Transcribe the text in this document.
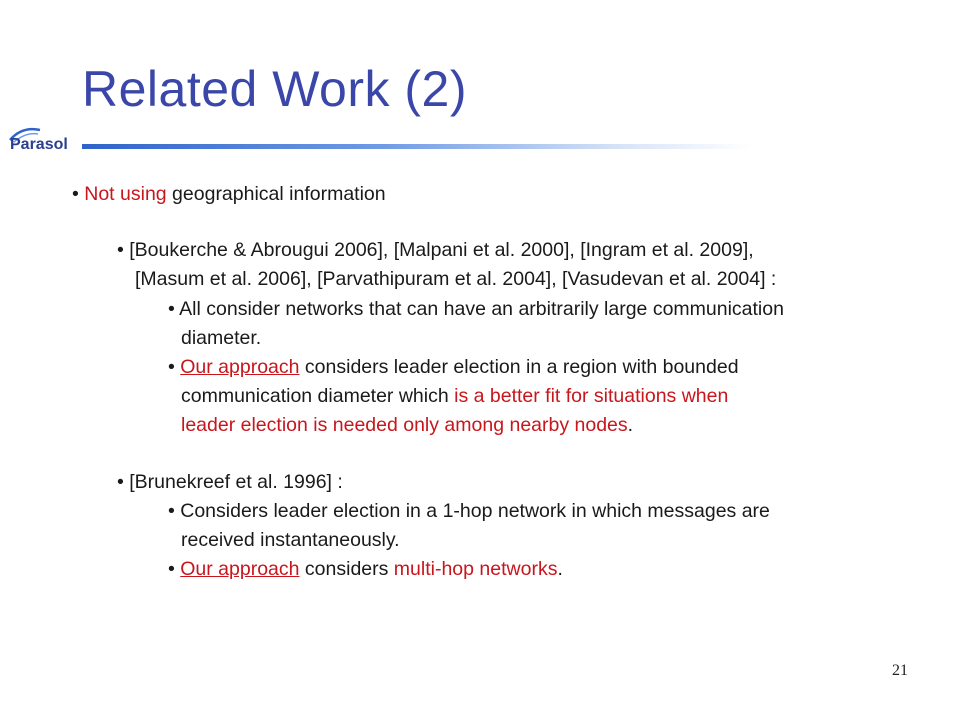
Related Work (2)
Parasol
• Not using geographical information
• [Boukerche & Abrougui 2006], [Malpani et al. 2000], [Ingram et al. 2009],
[Masum et al. 2006], [Parvathipuram et al. 2004], [Vasudevan et al. 2004] :
• All consider networks that can have an arbitrarily large communication
diameter.
• Our approach considers leader election in a region with bounded
communication diameter which is a better fit for situations when
leader election is needed only among nearby nodes.
• [Brunekreef et al. 1996] :
• Considers leader election in a 1-hop network in which messages are
received instantaneously.
• Our approach considers multi-hop networks.
21
